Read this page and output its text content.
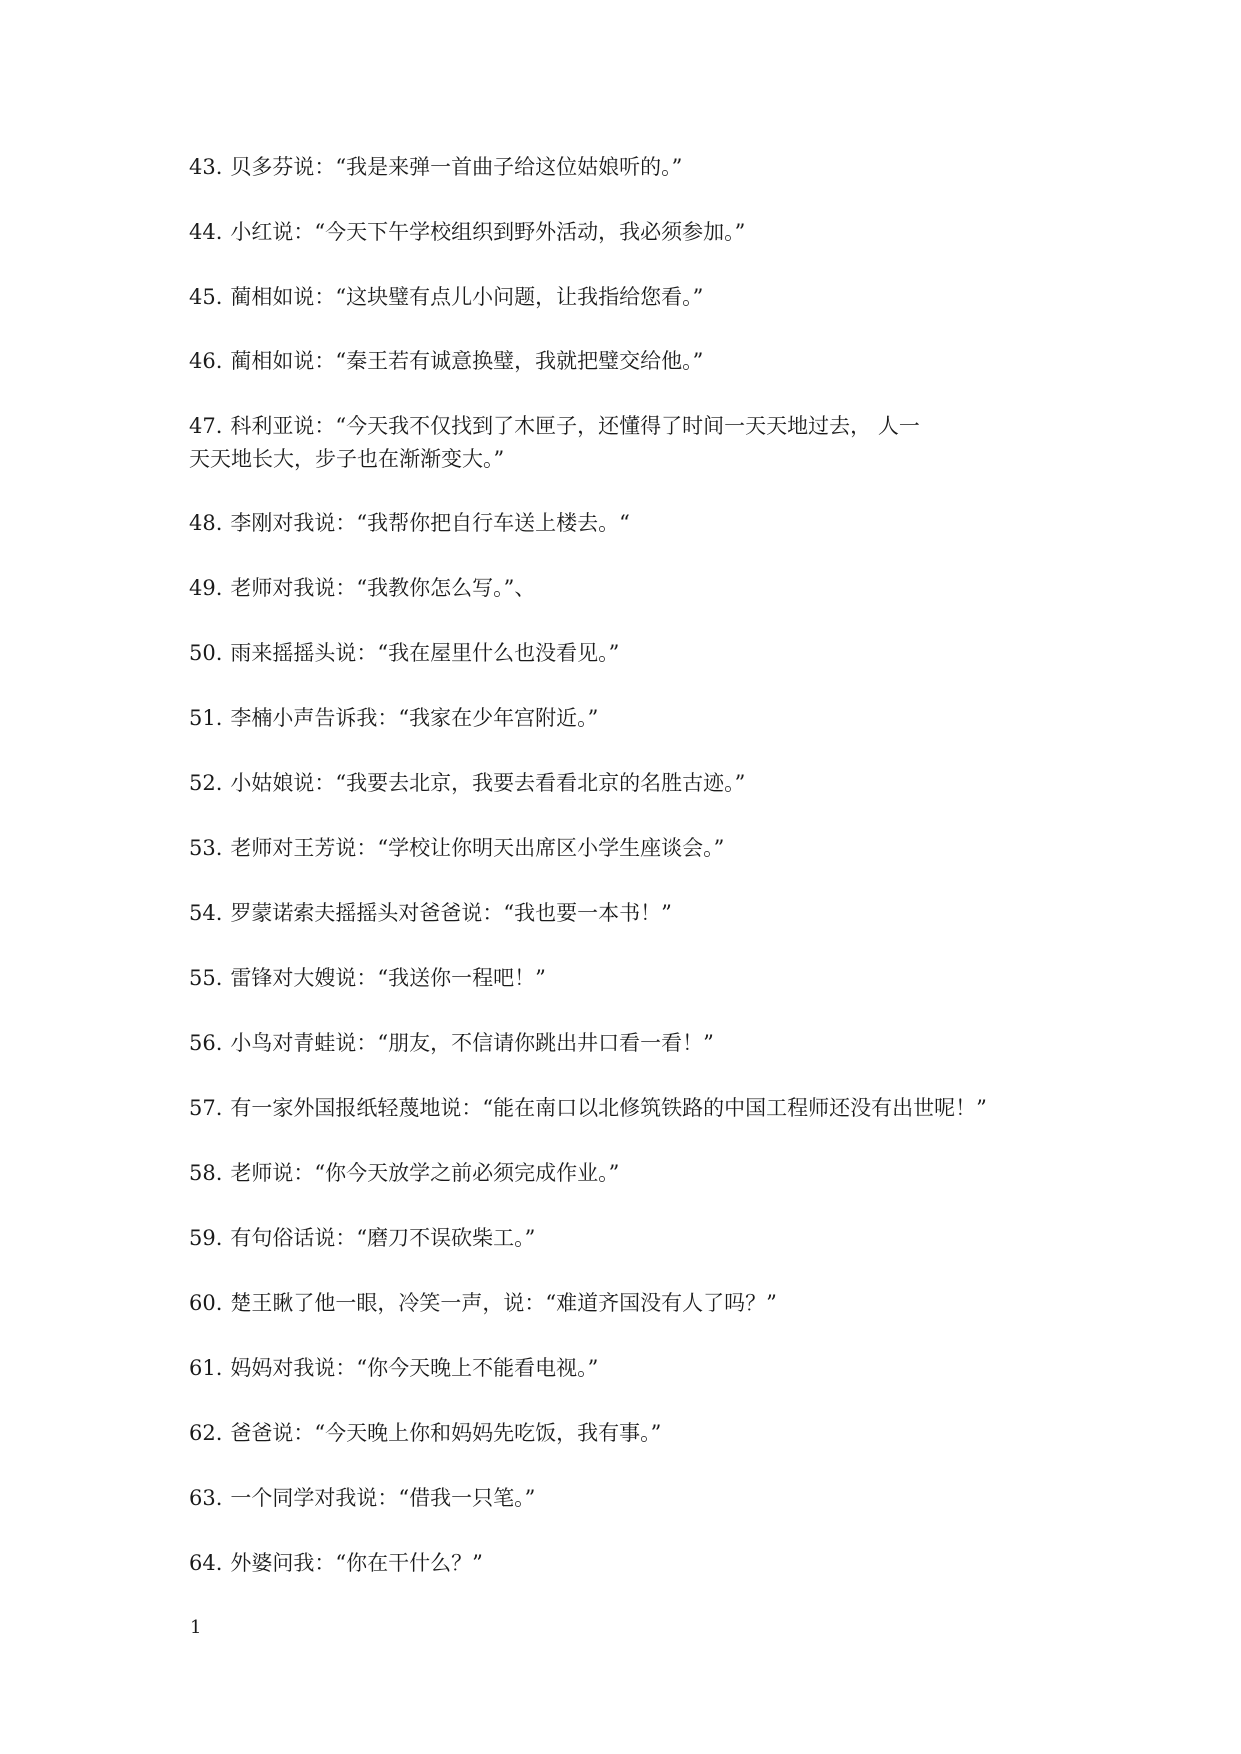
43. 贝多芬说：“我是来弹一首曲子给这位姑娘听的。”
44. 小红说：“今天下午学校组织到野外活动，我必须参加。”
45. 蔺相如说：“这块璧有点儿小问题，让我指给您看。”
46. 蔺相如说：“秦王若有诚意换璧，我就把璧交给他。”
47. 科利亚说：“今天我不仅找到了木匣子，还懂得了时间一天天地过去， 人一
天天地长大，步子也在渐渐变大。”
48. 李刚对我说：“我帮你把自行车送上楼去。“
49. 老师对我说：“我教你怎么写。”、
50. 雨来摇摇头说：“我在屋里什么也没看见。”
51. 李楠小声告诉我：“我家在少年宫附近。”
52. 小姑娘说：“我要去北京，我要去看看北京的名胜古迹。”
53. 老师对王芳说：“学校让你明天出席区小学生座谈会。”
54. 罗蒙诺索夫摇摇头对爸爸说：“我也要一本书！”
55. 雷锋对大嫂说：“我送你一程吧！”
56. 小鸟对青蛙说：“朋友，不信请你跳出井口看一看！”
57. 有一家外国报纸轻蔑地说：“能在南口以北修筑铁路的中国工程师还没有出世呢！”
58. 老师说：“你今天放学之前必须完成作业。”
59. 有句俗话说：“磨刀不误砍柴工。”
60. 楚王瞅了他一眼，冷笑一声，说：“难道齐国没有人了吗？”
61. 妈妈对我说：“你今天晚上不能看电视。”
62. 爸爸说：“今天晚上你和妈妈先吃饭，我有事。”
63. 一个同学对我说：“借我一只笔。”
64. 外婆问我：“你在干什么？”
1
